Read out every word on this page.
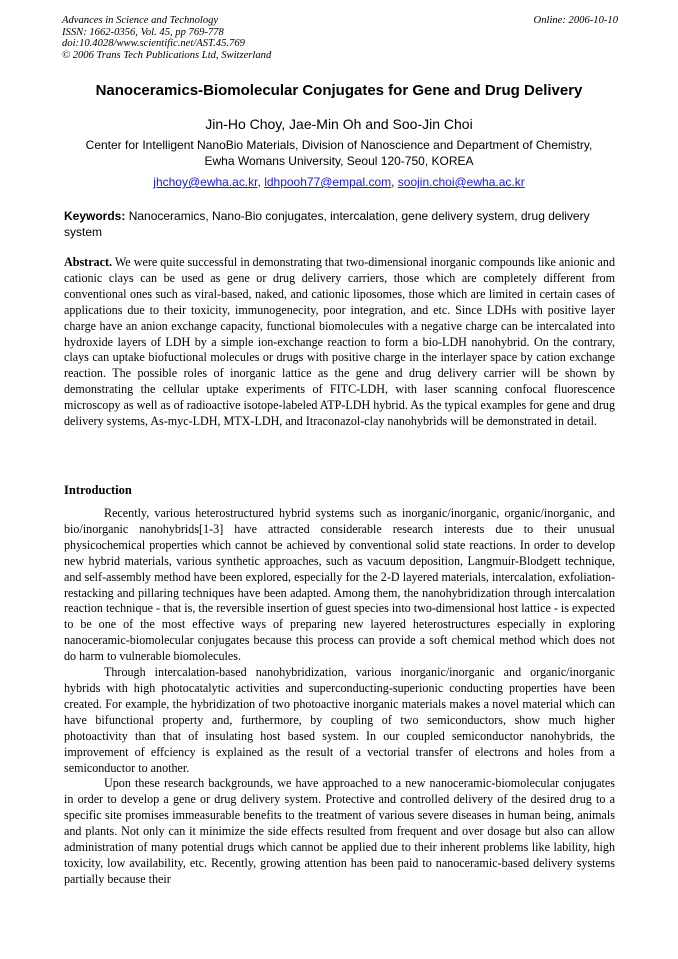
Advances in Science and Technology
ISSN: 1662-0356, Vol. 45, pp 769-778
doi:10.4028/www.scientific.net/AST.45.769
© 2006 Trans Tech Publications Ltd, Switzerland
Online: 2006-10-10
Nanoceramics-Biomolecular Conjugates for Gene and Drug Delivery
Jin-Ho Choy, Jae-Min Oh and Soo-Jin Choi
Center for Intelligent NanoBio Materials, Division of Nanoscience and Department of Chemistry,
Ewha Womans University, Seoul 120-750, KOREA
jhchoy@ewha.ac.kr, ldhpooh77@empal.com, soojin.choi@ewha.ac.kr
Keywords: Nanoceramics, Nano-Bio conjugates, intercalation, gene delivery system, drug delivery system
Abstract. We were quite successful in demonstrating that two-dimensional inorganic compounds like anionic and cationic clays can be used as gene or drug delivery carriers, those which are completely different from conventional ones such as viral-based, naked, and cationic liposomes, those which are limited in certain cases of applications due to their toxicity, immunogenecity, poor integration, and etc. Since LDHs with positive layer charge have an anion exchange capacity, functional biomolecules with a negative charge can be intercalated into hydroxide layers of LDH by a simple ion-exchange reaction to form a bio-LDH nanohybrid. On the contrary, clays can uptake biofuctional molecules or drugs with positive charge in the interlayer space by cation exchange reaction. The possible roles of inorganic lattice as the gene and drug delivery carrier will be shown by demonstrating the cellular uptake experiments of FITC-LDH, with laser scanning confocal fluorescence microscopy as well as of radioactive isotope-labeled ATP-LDH hybrid. As the typical examples for gene and drug delivery systems, As-myc-LDH, MTX-LDH, and Itraconazol-clay nanohybrids will be demonstrated in detail.
Introduction

Recently, various heterostructured hybrid systems such as inorganic/inorganic, organic/inorganic, and bio/inorganic nanohybrids[1-3] have attracted considerable research interests due to their unusual physicochemical properties which cannot be achieved by conventional solid state reactions. In order to develop new hybrid materials, various synthetic approaches, such as vacuum deposition, Langmuir-Blodgett technique, and self-assembly method have been explored, especially for the 2-D layered materials, intercalation, exfoliation-restacking and pillaring techniques have been adapted. Among them, the nanohybridization through intercalation reaction technique - that is, the reversible insertion of guest species into two-dimensional host lattice - is expected to be one of the most effective ways of preparing new layered heterostructures especially in exploring nanoceramic-biomolecular conjugates because this process can provide a soft chemical method which does not do harm to vulnerable biomolecules.

Through intercalation-based nanohybridization, various inorganic/inorganic and organic/inorganic hybrids with high photocatalytic activities and superconducting-superionic conducting properties have been created. For example, the hybridization of two photoactive inorganic materials makes a novel material which can have bifunctional property and, furthermore, by coupling of two semiconductors, show much higher photoactivity than that of insulating host based system. In our coupled semiconductor nanohybrids, the improvement of effciency is explained as the result of a vectorial transfer of electrons and holes from a semiconductor to another.

Upon these research backgrounds, we have approached to a new nanoceramic-biomolecular conjugates in order to develop a gene or drug delivery system. Protective and controlled delivery of the desired drug to a specific site promises immeasurable benefits to the treatment of various severe diseases in human being, animals and plants. Not only can it minimize the side effects resulted from frequent and over dosage but also can allow administration of many potential drugs which cannot be applied due to their inherent problems like lability, high toxicity, low availability, etc. Recently, growing attention has been paid to nanoceramic-based delivery systems partially because their
